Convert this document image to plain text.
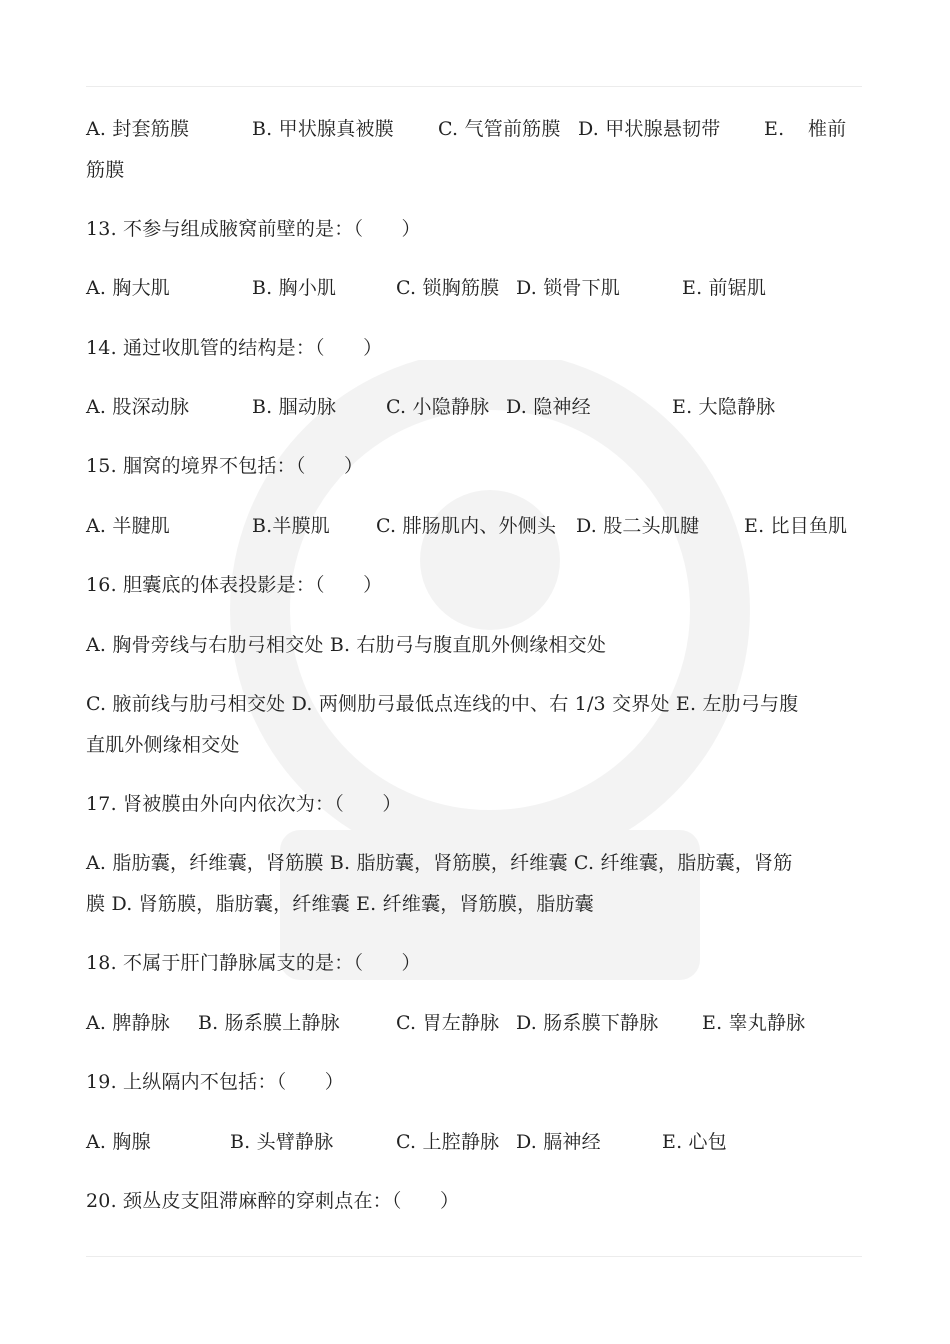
A. 封套筋膜	B. 甲状腺真被膜 C. 气管前筋膜 D. 甲状腺悬韧带 E. 椎前
筋膜
13. 不参与组成腋窝前壁的是：（　　）
A. 胸大肌	B. 胸小肌	C. 锁胸筋膜 D. 锁骨下肌	E. 前锯肌
14. 通过收肌管的结构是：（　　）
A. 股深动脉	B. 腘动脉	C. 小隐静脉 D. 隐神经	E. 大隐静脉
15. 腘窝的境界不包括：（　　）
A. 半腱肌	B.半膜肌 C. 腓肠肌内、外侧头 D. 股二头肌腱 E. 比目鱼肌
16. 胆囊底的体表投影是：（　　）
A. 胸骨旁线与右肋弓相交处 B. 右肋弓与腹直肌外侧缘相交处
C. 腋前线与肋弓相交处 D. 两侧肋弓最低点连线的中、右 1/3 交界处 E. 左肋弓与腹
直肌外侧缘相交处
17. 肾被膜由外向内依次为：（　　）
A. 脂肪囊，纤维囊，肾筋膜 B. 脂肪囊，肾筋膜，纤维囊 C. 纤维囊，脂肪囊，肾筋
膜 D. 肾筋膜，脂肪囊，纤维囊 E. 纤维囊，肾筋膜，脂肪囊
18. 不属于肝门静脉属支的是：（　　）
A. 脾静脉 B. 肠系膜上静脉	C. 胃左静脉 D. 肠系膜下静脉 E. 睾丸静脉
19. 上纵隔内不包括：（　　）
A. 胸腺	B. 头臂静脉	C. 上腔静脉 D. 膈神经	E. 心包
20. 颈丛皮支阻滞麻醉的穿刺点在：（　　）
